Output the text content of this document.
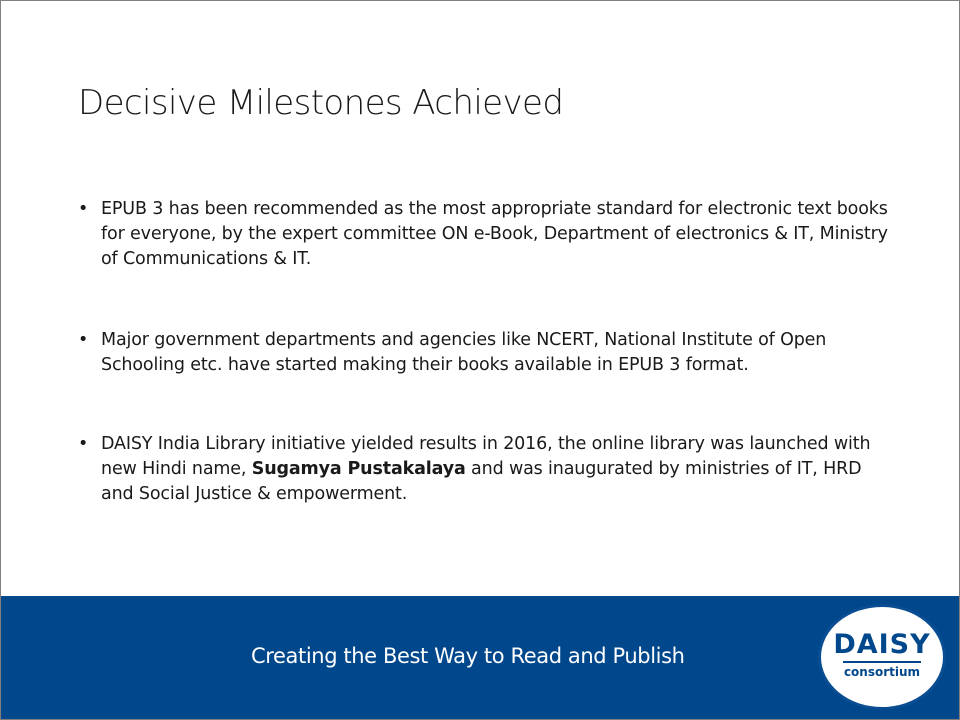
Decisive Milestones Achieved
• EPUB 3 has been recommended as the most appropriate standard for electronic text books for everyone, by the expert committee ON e-Book, Department of electronics & IT, Ministry of Communications & IT.
• Major government departments and agencies like NCERT, National Institute of Open Schooling etc. have started making their books available in EPUB 3 format.
• DAISY India Library initiative yielded results in 2016, the online library was launched with new Hindi name, Sugamya Pustakalaya and was inaugurated by ministries of IT, HRD and Social Justice & empowerment.

Creating the Best Way to Read and Publish	DAISY
consortium
